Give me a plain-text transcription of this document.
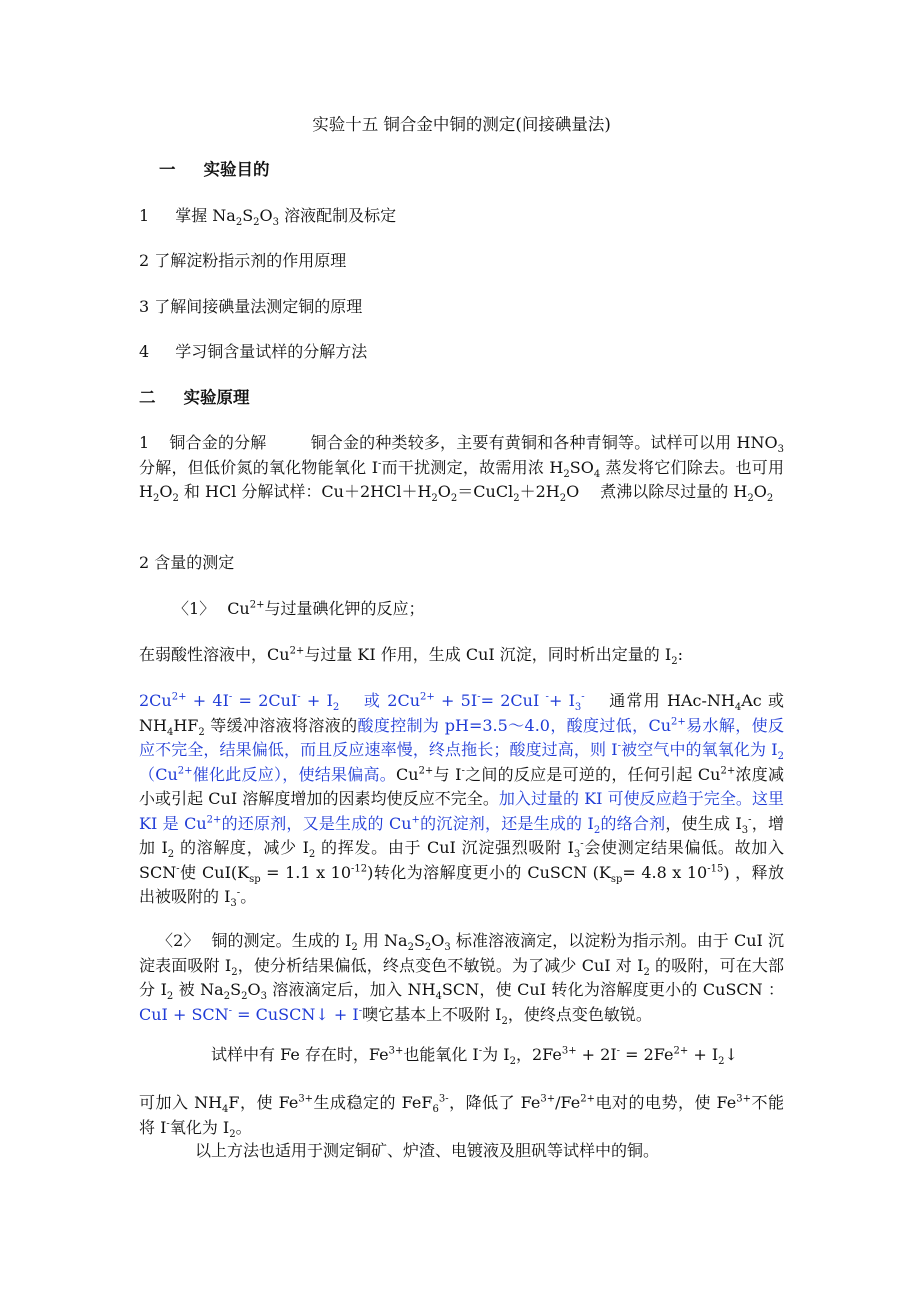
实验十五 铜合金中铜的测定(间接碘量法)
一 实验目的
1 掌握 $Na_2S_2O_3$ 溶液配制及标定
2 了解淀粉指示剂的作用原理
3 了解间接碘量法测定铜的原理
4 学习铜含量试样的分解方法
二 实验原理
1 铜合金的分解	铜合金的种类较多，主要有黄铜和各种青铜等。试样可以用 $HNO_3$ 分解，但低价氮的氧化物能氧化 I-而干扰测定，故需用浓 $H_2SO_4$ 蒸发将它们除去。也可用 $H_2O_2$ 和 HCl 分解试样：$Cu+2HCl+H_2O_2=CuCl_2+2H_2O$　 煮沸以除尽过量的 $H_2O_2$
2 含量的测定
〈1〉 $Cu^{2+}$与过量碘化钾的反应；
在弱酸性溶液中，$Cu^{2+}$与过量 KI 作用，生成 CuI 沉淀，同时析出定量的 $I_2$:
$2Cu^{2+} + 4I^- = 2CuI^- + I_2$　 或 $2Cu^{2+} + 5I^-= 2CuI$ $^-+ I_3^-$　 通常用 HAc-$NH_4Ac$ 或 $NH_4HF_2$ 等缓冲溶液将溶液的酸度控制为 pH=3.5～4.0，酸度过低，$Cu^{2+}$易水解，使反应不完全，结果偏低，而且反应速率慢，终点拖长；酸度过高，则 I-被空气中的氧氧化为 $I_2(Cu^{2+}$催化此反应），使结果偏高。$Cu^{2+}$与 I-之间的反应是可逆的，任何引起 $Cu^{2+}$浓度减小或引起 CuI 溶解度增加的因素均使反应不完全。加入过量的 KI 可使反应趋于完全。这里 KI 是 $Cu^{2+}$的还原剂，又是生成的 Cu+的沉淀剂，还是生成的 $I_2$的络合剂，使生成 $I_3^-$，增加 $I_2$ 的溶解度，减少 $I_2$ 的挥发。由于 CuI 沉淀强烈吸附 $I_3^-$会使测定结果偏低。故加入 SCN-使 $CuI(K_{sp} = 1.1$ x $10^{-12}$)转化为溶解度更小的 CuSCN ($K_{sp}= 4.8$ x $10^{-15}$) ，释放出被吸附的 $I_3^-$。
〈2〉 铜的测定。生成的 $I_2$ 用 $Na_2S_2O_3$ 标准溶液滴定，以淀粉为指示剂。由于 CuI 沉淀表面吸附 $I_2$，使分析结果偏低，终点变色不敏锐。为了减少 CuI 对 $I_2$ 的吸附，可在大部分 $I_2$ 被 $Na_2S_2O_3$ 溶液滴定后，加入 $NH_4SCN$，使 CuI 转化为溶解度更小的 CuSCN ：CuI + SCN- = CuSCN↓ + I-噢它基本上不吸附 $I_2$，使终点变色敏锐。
试样中有 Fe 存在时，$Fe^{3+}$也能氧化 I-为 $I_2$，$2Fe^{3+} + 2I^- = 2Fe^{2+}$ + $I_2↓$
可加入 $NH_4F$，使 $Fe^{3+}$生成稳定的 FeF$_6^{3-}$，降低了 $Fe^{3+}/Fe^{2+}$电对的电势，使 $Fe^{3+}$不能将 I-氧化为 $I_2$。
以上方法也适用于测定铜矿、炉渣、电镀液及胆矾等试样中的铜。
